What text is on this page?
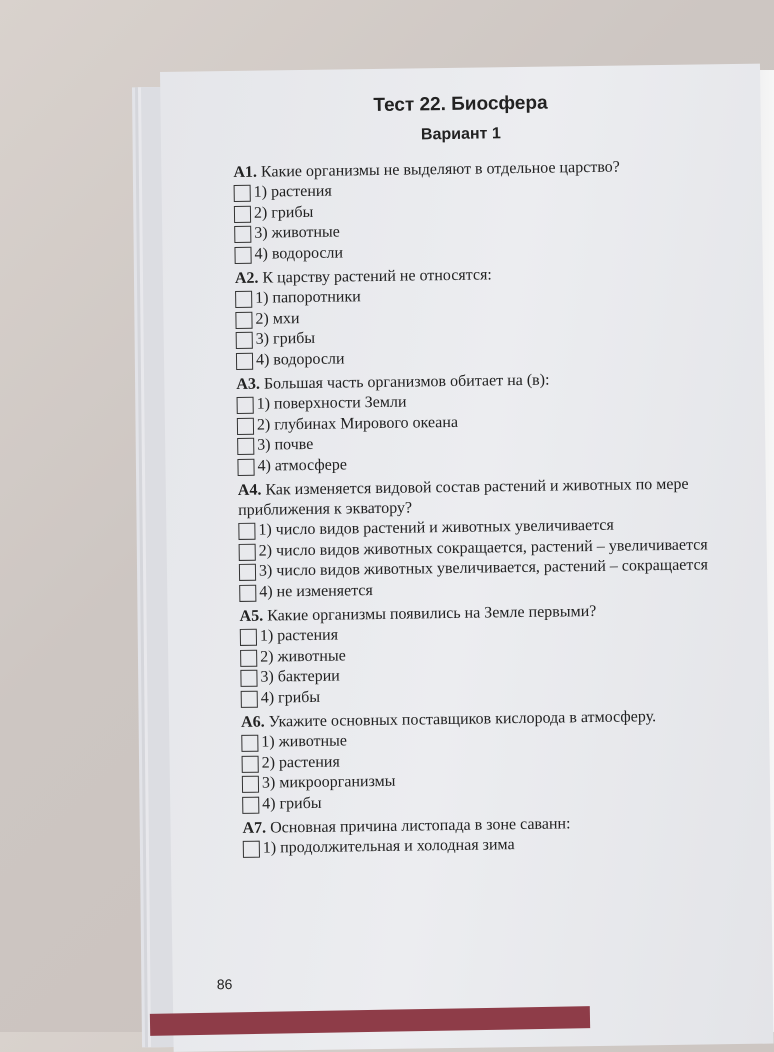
Тест 22. Биосфера
Вариант 1
А1. Какие организмы не выделяют в отдельное царство?
1) растения
2) грибы
3) животные
4) водоросли
А2. К царству растений не относятся:
1) папоротники
2) мхи
3) грибы
4) водоросли
А3. Большая часть организмов обитает на (в):
1) поверхности Земли
2) глубинах Мирового океана
3) почве
4) атмосфере
А4. Как изменяется видовой состав растений и животных по мере приближения к экватору?
1) число видов растений и животных увеличивается
2) число видов животных сокращается, растений – увеличивается
3) число видов животных увеличивается, растений – сокращается
4) не изменяется
А5. Какие организмы появились на Земле первыми?
1) растения
2) животные
3) бактерии
4) грибы
А6. Укажите основных поставщиков кислорода в атмосферу.
1) животные
2) растения
3) микроорганизмы
4) грибы
А7. Основная причина листопада в зоне саванн:
1) продолжительная и холодная зима
86
